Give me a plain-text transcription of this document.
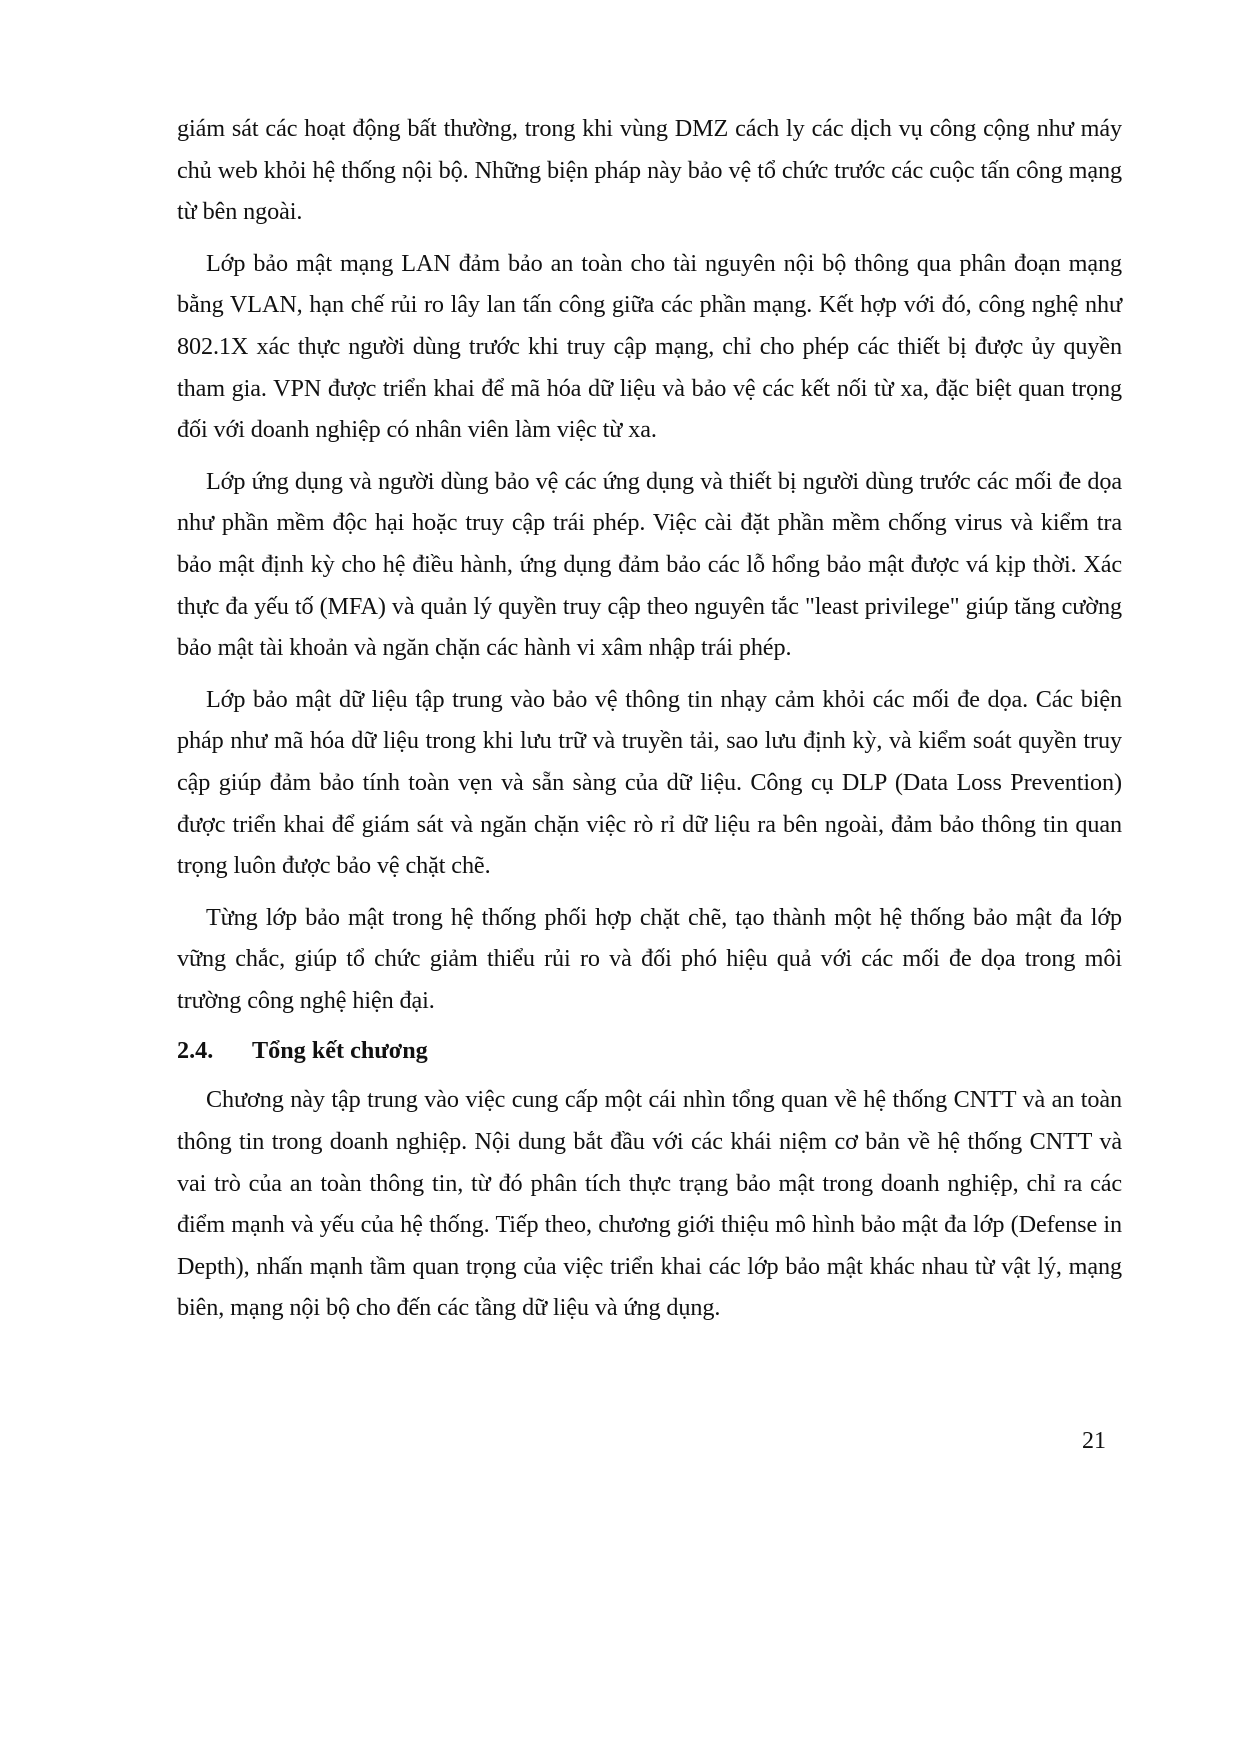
giám sát các hoạt động bất thường, trong khi vùng DMZ cách ly các dịch vụ công cộng như máy chủ web khỏi hệ thống nội bộ. Những biện pháp này bảo vệ tổ chức trước các cuộc tấn công mạng từ bên ngoài.

Lớp bảo mật mạng LAN đảm bảo an toàn cho tài nguyên nội bộ thông qua phân đoạn mạng bằng VLAN, hạn chế rủi ro lây lan tấn công giữa các phần mạng. Kết hợp với đó, công nghệ như 802.1X xác thực người dùng trước khi truy cập mạng, chỉ cho phép các thiết bị được ủy quyền tham gia. VPN được triển khai để mã hóa dữ liệu và bảo vệ các kết nối từ xa, đặc biệt quan trọng đối với doanh nghiệp có nhân viên làm việc từ xa.

Lớp ứng dụng và người dùng bảo vệ các ứng dụng và thiết bị người dùng trước các mối đe dọa như phần mềm độc hại hoặc truy cập trái phép. Việc cài đặt phần mềm chống virus và kiểm tra bảo mật định kỳ cho hệ điều hành, ứng dụng đảm bảo các lỗ hổng bảo mật được vá kịp thời. Xác thực đa yếu tố (MFA) và quản lý quyền truy cập theo nguyên tắc "least privilege" giúp tăng cường bảo mật tài khoản và ngăn chặn các hành vi xâm nhập trái phép.

Lớp bảo mật dữ liệu tập trung vào bảo vệ thông tin nhạy cảm khỏi các mối đe dọa. Các biện pháp như mã hóa dữ liệu trong khi lưu trữ và truyền tải, sao lưu định kỳ, và kiểm soát quyền truy cập giúp đảm bảo tính toàn vẹn và sẵn sàng của dữ liệu. Công cụ DLP (Data Loss Prevention) được triển khai để giám sát và ngăn chặn việc rò rỉ dữ liệu ra bên ngoài, đảm bảo thông tin quan trọng luôn được bảo vệ chặt chẽ.

Từng lớp bảo mật trong hệ thống phối hợp chặt chẽ, tạo thành một hệ thống bảo mật đa lớp vững chắc, giúp tổ chức giảm thiểu rủi ro và đối phó hiệu quả với các mối đe dọa trong môi trường công nghệ hiện đại.

2.4.	Tổng kết chương

Chương này tập trung vào việc cung cấp một cái nhìn tổng quan về hệ thống CNTT và an toàn thông tin trong doanh nghiệp. Nội dung bắt đầu với các khái niệm cơ bản về hệ thống CNTT và vai trò của an toàn thông tin, từ đó phân tích thực trạng bảo mật trong doanh nghiệp, chỉ ra các điểm mạnh và yếu của hệ thống. Tiếp theo, chương giới thiệu mô hình bảo mật đa lớp (Defense in Depth), nhấn mạnh tầm quan trọng của việc triển khai các lớp bảo mật khác nhau từ vật lý, mạng biên, mạng nội bộ cho đến các tầng dữ liệu và ứng dụng.

21
